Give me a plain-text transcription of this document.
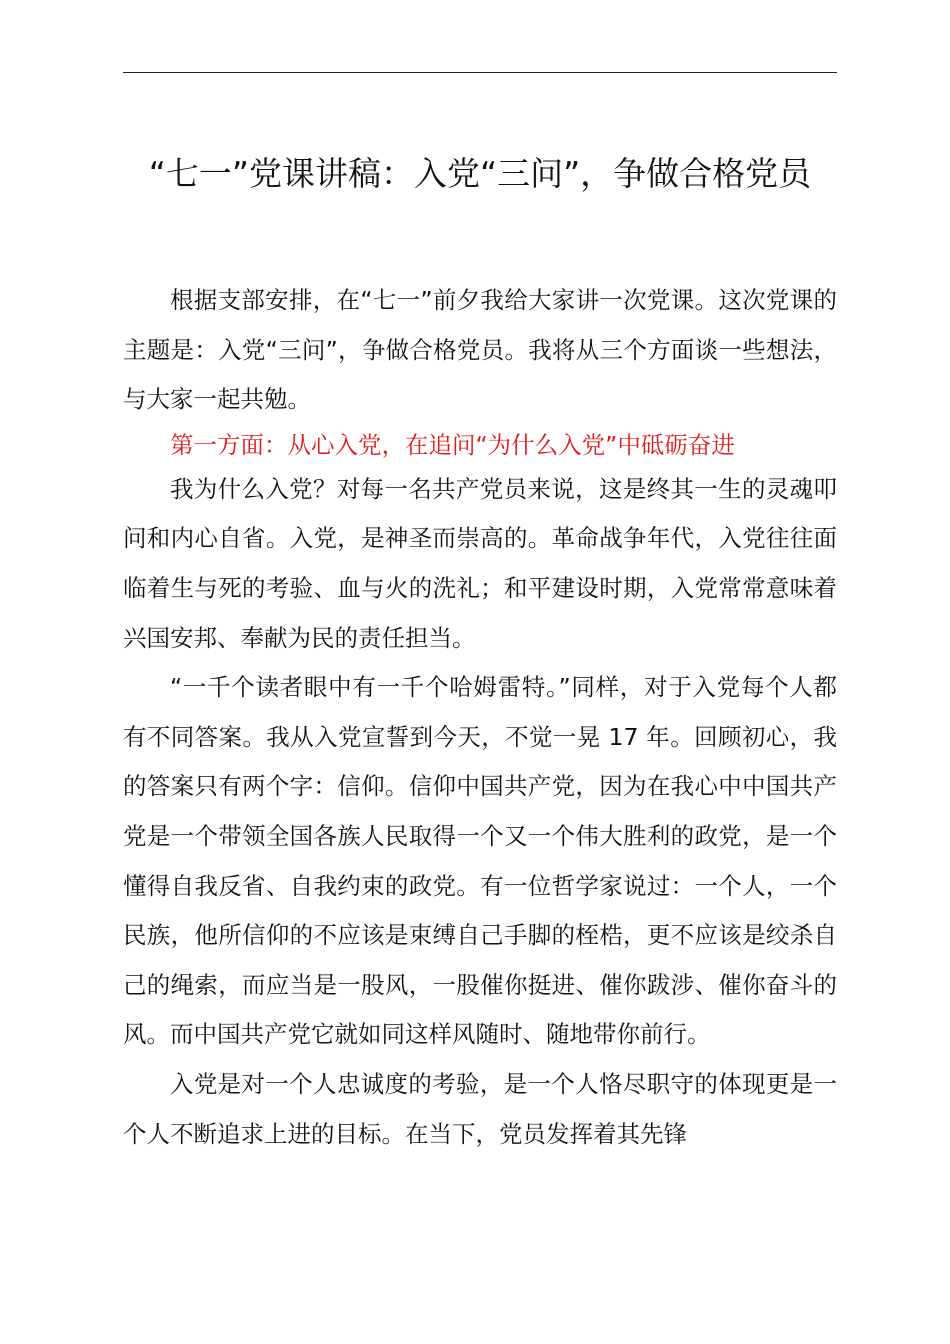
“七一”党课讲稿：入党“三问”，争做合格党员

根据支部安排，在“七一”前夕我给大家讲一次党课。这次党课的主题是：入党“三问”，争做合格党员。我将从三个方面谈一些想法，与大家一起共勉。

第一方面：从心入党，在追问“为什么入党”中砥砺奋进

我为什么入党？对每一名共产党员来说，这是终其一生的灵魂叩问和内心自省。入党，是神圣而崇高的。革命战争年代，入党往往面临着生与死的考验、血与火的洗礼；和平建设时期，入党常常意味着兴国安邦、奉献为民的责任担当。

“一千个读者眼中有一千个哈姆雷特。”同样，对于入党每个人都有不同答案。我从入党宣誓到今天，不觉一晃 17 年。回顾初心，我的答案只有两个字：信仰。信仰中国共产党，因为在我心中中国共产党是一个带领全国各族人民取得一个又一个伟大胜利的政党，是一个懂得自我反省、自我约束的政党。有一位哲学家说过：一个人，一个民族，他所信仰的不应该是束缚自己手脚的桎梏，更不应该是绞杀自己的绳索，而应当是一股风，一股催你挺进、催你跋涉、催你奋斗的风。而中国共产党它就如同这样风随时、随地带你前行。

入党是对一个人忠诚度的考验，是一个人恪尽职守的体现更是一个人不断追求上进的目标。在当下，党员发挥着其先锋
